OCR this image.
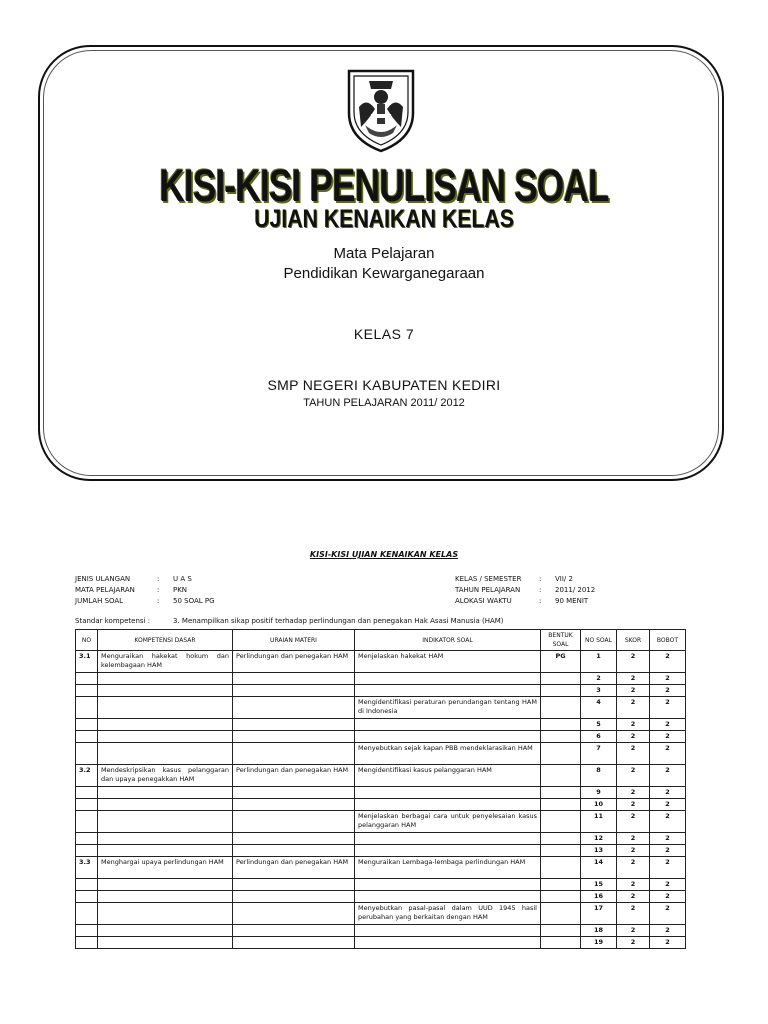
KISI-KISI PENULISAN SOAL
UJIAN KENAIKAN KELAS
Mata Pelajaran
Pendidikan Kewarganegaraan
KELAS 7
SMP NEGERI KABUPATEN KEDIRI
TAHUN PELAJARAN 2011/ 2012
KISI-KISI UJIAN KENAIKAN KELAS
JENIS ULANGAN	: U A S
MATA PELAJARAN	: PKN
JUMLAH SOAL	: 50 SOAL PG
KELAS / SEMESTER	: VII/ 2
TAHUN PELAJARAN	: 2011/ 2012
ALOKASI WAKTU	: 90 MENIT
Standar kompetensi :	3. Menampilkan sikap positif terhadap perlindungan dan penegakan Hak Asasi Manusia (HAM)
NO	KOMPETENSI DASAR	URAIAN MATERI	INDIKATOR SOAL	BENTUK SOAL	NO SOAL	SKOR	BOBOT
3.1	Menguraikan hakekat hokum dan kelembagaan HAM	Perlindungan dan penegakan HAM	Menjelaskan hakekat HAM	PG	1	2	2
					2	2	2
					3	2	2
			Mengidentifikasi peraturan perundangan tentang HAM di Indonesia		4	2	2
					5	2	2
					6	2	2
			Menyebutkan sejak kapan PBB mendeklarasikan HAM		7	2	2
3.2	Mendeskripsikan kasus pelanggaran dan upaya penegakkan HAM	Perlindungan dan penegakan HAM	Mengidentifikasi kasus pelanggaran HAM		8	2	2
					9	2	2
					10	2	2
			Menjelaskan berbagai cara untuk penyelesaian kasus pelanggaran HAM		11	2	2
					12	2	2
					13	2	2
3.3	Menghargai upaya perlindungan HAM	Perlindungan dan penegakan HAM	Menguraikan Lembaga-lembaga perlindungan HAM		14	2	2
					15	2	2
					16	2	2
			Menyebutkan pasal-pasal dalam UUD 1945 hasil perubahan yang berkaitan dengan HAM		17	2	2
					18	2	2
					19	2	2
